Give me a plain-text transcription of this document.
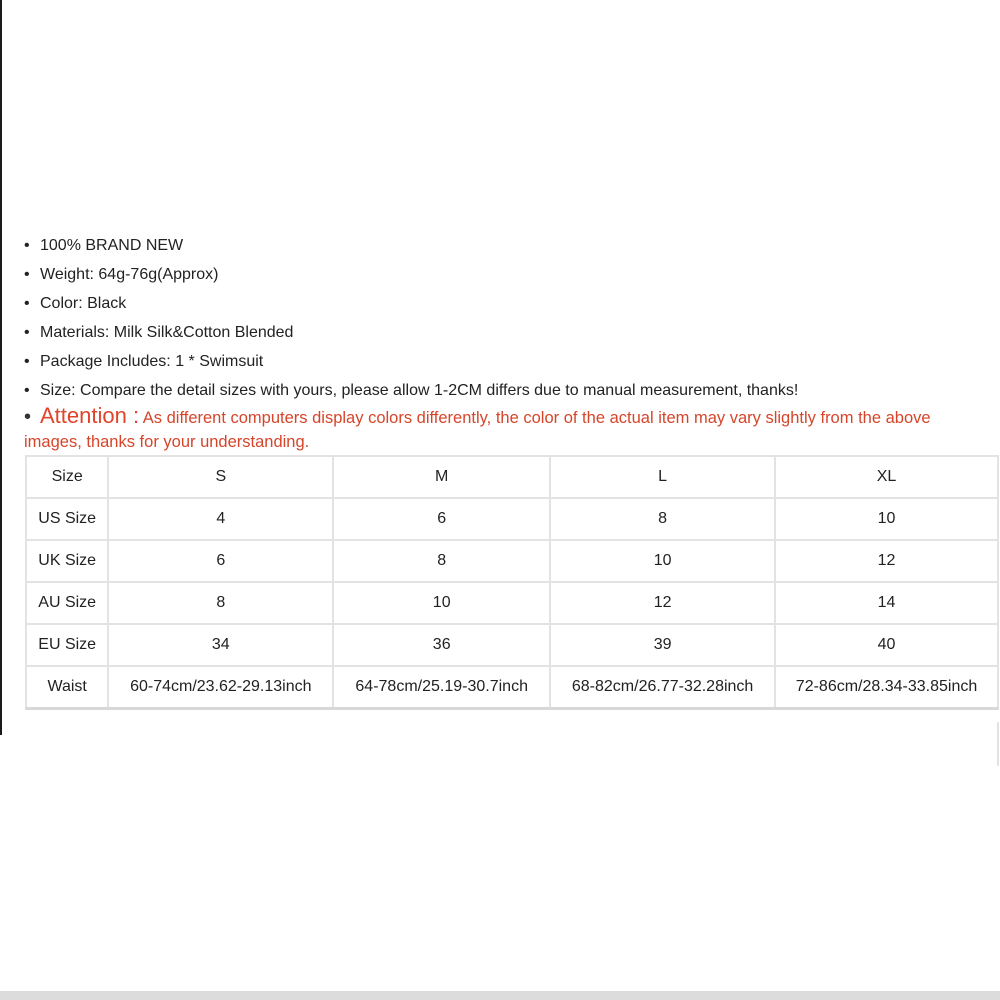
• 100% BRAND NEW
• Weight: 64g-76g(Approx)
• Color: Black
• Materials: Milk Silk&Cotton Blended
• Package Includes: 1 * Swimsuit
• Size: Compare the detail sizes with yours, please allow 1-2CM differs due to manual measurement, thanks!
• Attention : As different computers display colors differently, the color of the actual item may vary slightly from the above images, thanks for your understanding.
Size	S	M	L	XL
US Size	4	6	8	10
UK Size	6	8	10	12
AU Size	8	10	12	14
EU Size	34	36	39	40
Waist	60-74cm/23.62-29.13inch	64-78cm/25.19-30.7inch	68-82cm/26.77-32.28inch	72-86cm/28.34-33.85inch
